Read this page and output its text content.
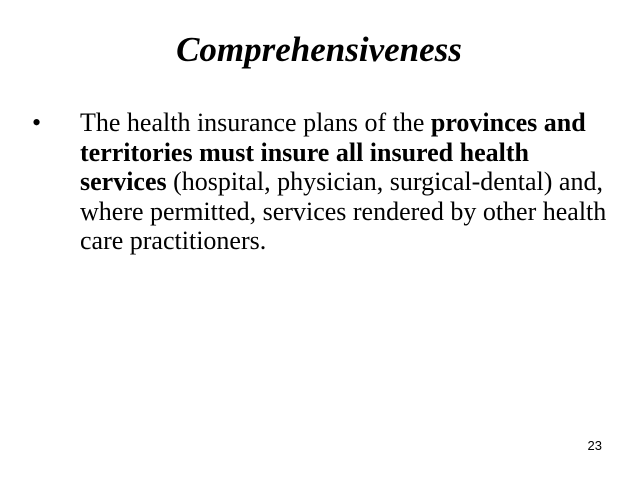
Comprehensiveness
• The health insurance plans of the provinces and territories must insure all insured health services (hospital, physician, surgical-dental) and, where permitted, services rendered by other health care practitioners.

23
